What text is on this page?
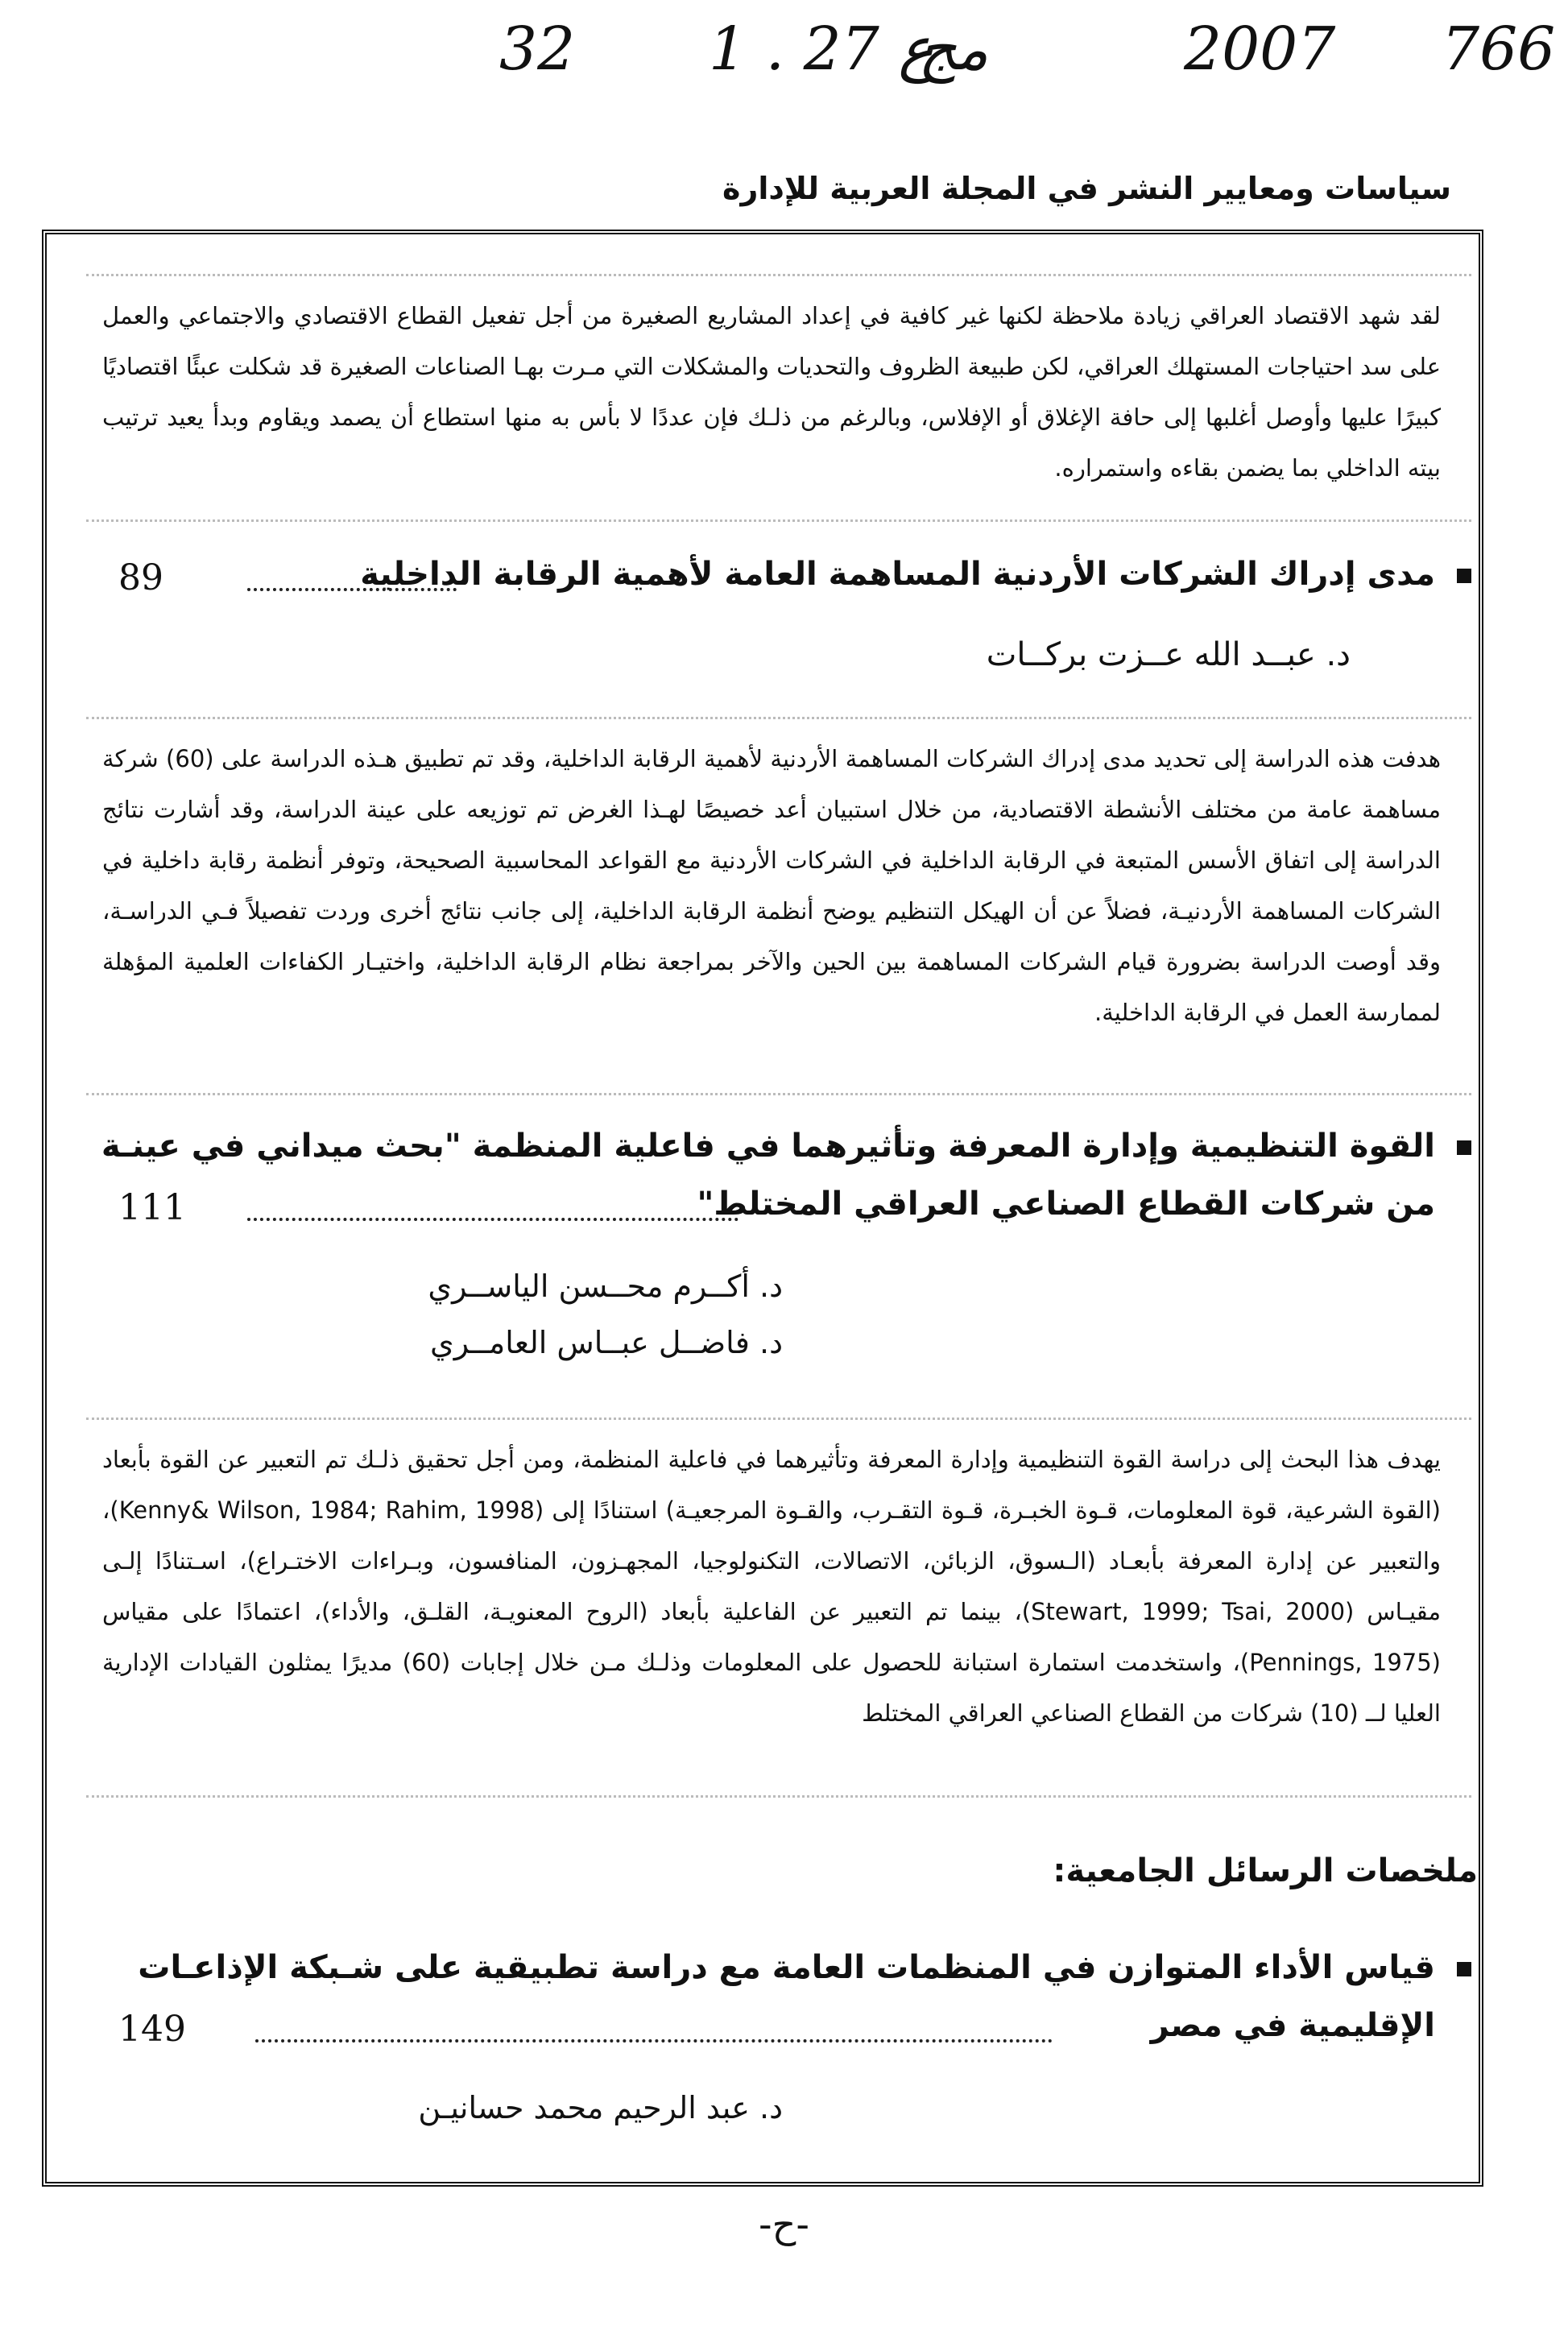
32 1 . ع 27
مج	2007 766
سياسات ومعايير النشر في المجلة العربية للإدارة

لقد شهد الاقتصاد العراقي زيادة ملاحظة لكنها غير كافية في إعداد المشاريع الصغيرة من أجل تفعيل القطاع الاقتصادي والاجتماعي والعمل على سد احتياجات المستهلك العراقي، لكن طبيعة الظروف والتحديات والمشكلات التي مـرت بهـا الصناعات الصغيرة قد شكلت عبئًا اقتصاديًا كبيرًا عليها وأوصل أغلبها إلى حافة الإغلاق أو الإفلاس، وبالرغم من ذلـك فإن عددًا لا بأس به منها استطاع أن يصمد ويقاوم وبدأ يعيد ترتيب بيته الداخلي بما يضمن بقاءه واستمراره.

مدى إدراك الشركات الأردنية المساهمة العامة لأهمية الرقابة الداخلية
89
د. عبــد الله عــزت بركــات

هدفت هذه الدراسة إلى تحديد مدى إدراك الشركات المساهمة الأردنية لأهمية الرقابة الداخلية، وقد تم تطبيق هـذه الدراسة على (60) شركة مساهمة عامة من مختلف الأنشطة الاقتصادية، من خلال استبيان أعد خصيصًا لهـذا الغرض تم توزيعه على عينة الدراسة، وقد أشارت نتائج الدراسة إلى اتفاق الأسس المتبعة في الرقابة الداخلية في الشركات الأردنية مع القواعد المحاسبية الصحيحة، وتوفر أنظمة رقابة داخلية في الشركات المساهمة الأردنيـة، فضلاً عن أن الهيكل التنظيم يوضح أنظمة الرقابة الداخلية، إلى جانب نتائج أخرى وردت تفصيلاً فـي الدراسـة، وقد أوصت الدراسة بضرورة قيام الشركات المساهمة بين الحين والآخر بمراجعة نظام الرقابة الداخلية، واختيـار الكفاءات العلمية المؤهلة لممارسة العمل في الرقابة الداخلية.

القوة التنظيمية وإدارة المعرفة وتأثيرهما في فاعلية المنظمة "بحث ميداني في عينـة
من شركات القطاع الصناعي العراقي المختلط"
111
د. أكــرم محــسن الياســري
د. فاضــل عبــاس العامــري

يهدف هذا البحث إلى دراسة القوة التنظيمية وإدارة المعرفة وتأثيرهما في فاعلية المنظمة، ومن أجل تحقيق ذلـك تم التعبير عن القوة بأبعاد (القوة الشرعية، قوة المعلومات، قـوة الخبـرة، قـوة التقـرب، والقـوة المرجعيـة) استنادًا إلى (Kenny& Wilson, 1984; Rahim, 1998)، والتعبير عن إدارة المعرفة بأبعـاد (الـسوق، الزبائن، الاتصالات، التكنولوجيا، المجهـزون، المنافسون، وبـراءات الاختـراع)، اسـتنادًا إلـى مقيـاس (Stewart, 1999; Tsai, 2000)، بينما تم التعبير عن الفاعلية بأبعاد (الروح المعنويـة، القلـق، والأداء)، اعتمادًا على مقياس (Pennings, 1975)، واستخدمت استمارة استبانة للحصول على المعلومات وذلـك مـن خلال إجابات (60) مديرًا يمثلون القيادات الإدارية العليا لــ (10) شركات من القطاع الصناعي العراقي المختلط

ملخصات الرسائل الجامعية:
قياس الأداء المتوازن في المنظمات العامة مع دراسة تطبيقية على شـبكة الإذاعـات
الإقليمية في مصر
149
د. عبد الرحيم محمد حسانيـن
-ح-
